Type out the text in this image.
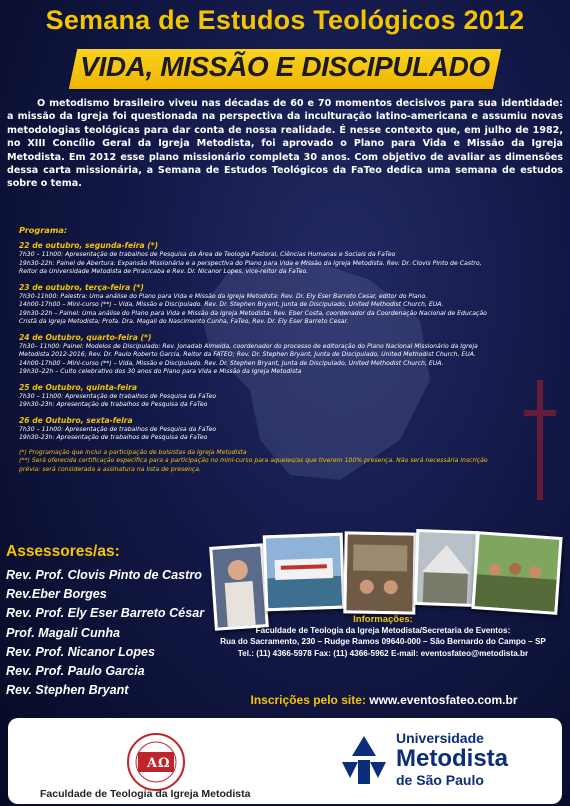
Semana de Estudos Teológicos 2012
VIDA, MISSÃO E DISCIPULADO

O metodismo brasileiro viveu nas décadas de 60 e 70 momentos decisivos para sua identidade: a missão da Igreja foi questionada na perspectiva da inculturação latino-americana e assumiu novas metodologias teológicas para dar conta de nossa realidade. É nesse contexto que, em julho de 1982, no XIII Concílio Geral da Igreja Metodista, foi aprovado o Plano para Vida e Missão da Igreja Metodista. Em 2012 esse plano missionário completa 30 anos. Com objetivo de avaliar as dimensões dessa carta missionária, a Semana de Estudos Teológicos da FaTeo dedica uma semana de estudos sobre o tema.

Programa:

22 de outubro, segunda-feira (*)

7h30 – 11h00: Apresentação de trabalhos de Pesquisa da Área de Teologia Pastoral, Ciências Humanas e Sociais da FaTeo

19h30-22h: Painel de Abertura: Expansão Missionária e a perspectiva do Plano para Vida e Missão da Igreja Metodista. Rev. Dr. Clovis Pinto de Castro,

Reitor da Universidade Metodista de Piracicaba e Rev. Dr. Nicanor Lopes, vice-reitor da FaTeo.

23 de outubro, terça-feira (*)

7h30-11h00: Palestra: Uma análise do Plano para Vida e Missão da Igreja Metodista: Rev. Dr. Ely Eser Barreto Cesar, editor do Plano.

14h00-17h00 – Mini-curso (**) – Vida, Missão e Discipulado. Rev. Dr. Stephen Bryant, Junta de Discipulado, United Methodist Church, EUA.

19h30-22h – Painel: Uma análise do Plano para Vida e Missão da Igreja Metodista: Rev. Eber Costa, coordenador da Coordenação Nacional de Educação

Cristã da Igreja Metodista; Profa. Dra. Magali do Nascimento Cunha, FaTeo, Rev. Dr. Ely Eser Barreto Cesar.

24 de Outubro, quarto-feira (*)

7h30– 11h00: Painel: Modelos de Discipulado: Rev. Jonadab Almeida, coordenador do processo de editoração do Plano Nacional Missionário da Igreja

Metodista 2012-2016; Rev. Dr. Paulo Roberto Garcia, Reitor da FATEO; Rev. Dr. Stephen Bryant, Junta de Discipulado, United Methodist Church, EUA.

14h00-17h00 – Mini-curso (**) – Vida, Missão e Discipulado. Rev. Dr. Stephen Bryant, Junta de Discipulado, United Methodist Church, EUA.

19h30–22h – Culto celebrativo dos 30 anos do Plano para Vida e Missão da Igreja Metodista

25 de Outubro, quinta-feira

7h30 – 11h00: Apresentação de trabalhos de Pesquisa da FaTeo

19h30-23h: Apresentação de trabalhos de Pesquisa da FaTeo

26 de Outubro, sexta-feira

7h30 – 11h00: Apresentação de trabalhos de Pesquisa da FaTeo

19h30-23h: Apresentação de trabalhos de Pesquisa da FaTeo

(*) Programação que inclui a participação de bolsistas da Igreja Metodista

(**) Será oferecida certificação específica para a participação no mini-curso para aqueles/as que tiverem 100% presença. Não será necessária inscrição

prévia: será considerada a assinatura na lista de presença.

Assessores/as:
Rev. Prof. Clovis Pinto de Castro
Rev.Eber Borges
Rev. Prof. Ely Eser Barreto César
Prof. Magali Cunha
Rev. Prof. Nicanor Lopes
Rev. Prof. Paulo Garcia
Rev. Stephen Bryant

Informações:

Faculdade de Teologia da Igreja Metodista/Secretaria de Eventos:

Rua do Sacramento, 230 – Rudge Ramos 09640-000 – São Bernardo do Campo – SP

Tel.: (11) 4366-5978 Fax: (11) 4366-5962 E-mail: eventosfateo@metodista.br

Inscrições pelo site: www.eventosfateo.com.br
A Ω
Faculdade de Teologia da Igreja Metodista

Universidade

Metodista

de São Paulo
